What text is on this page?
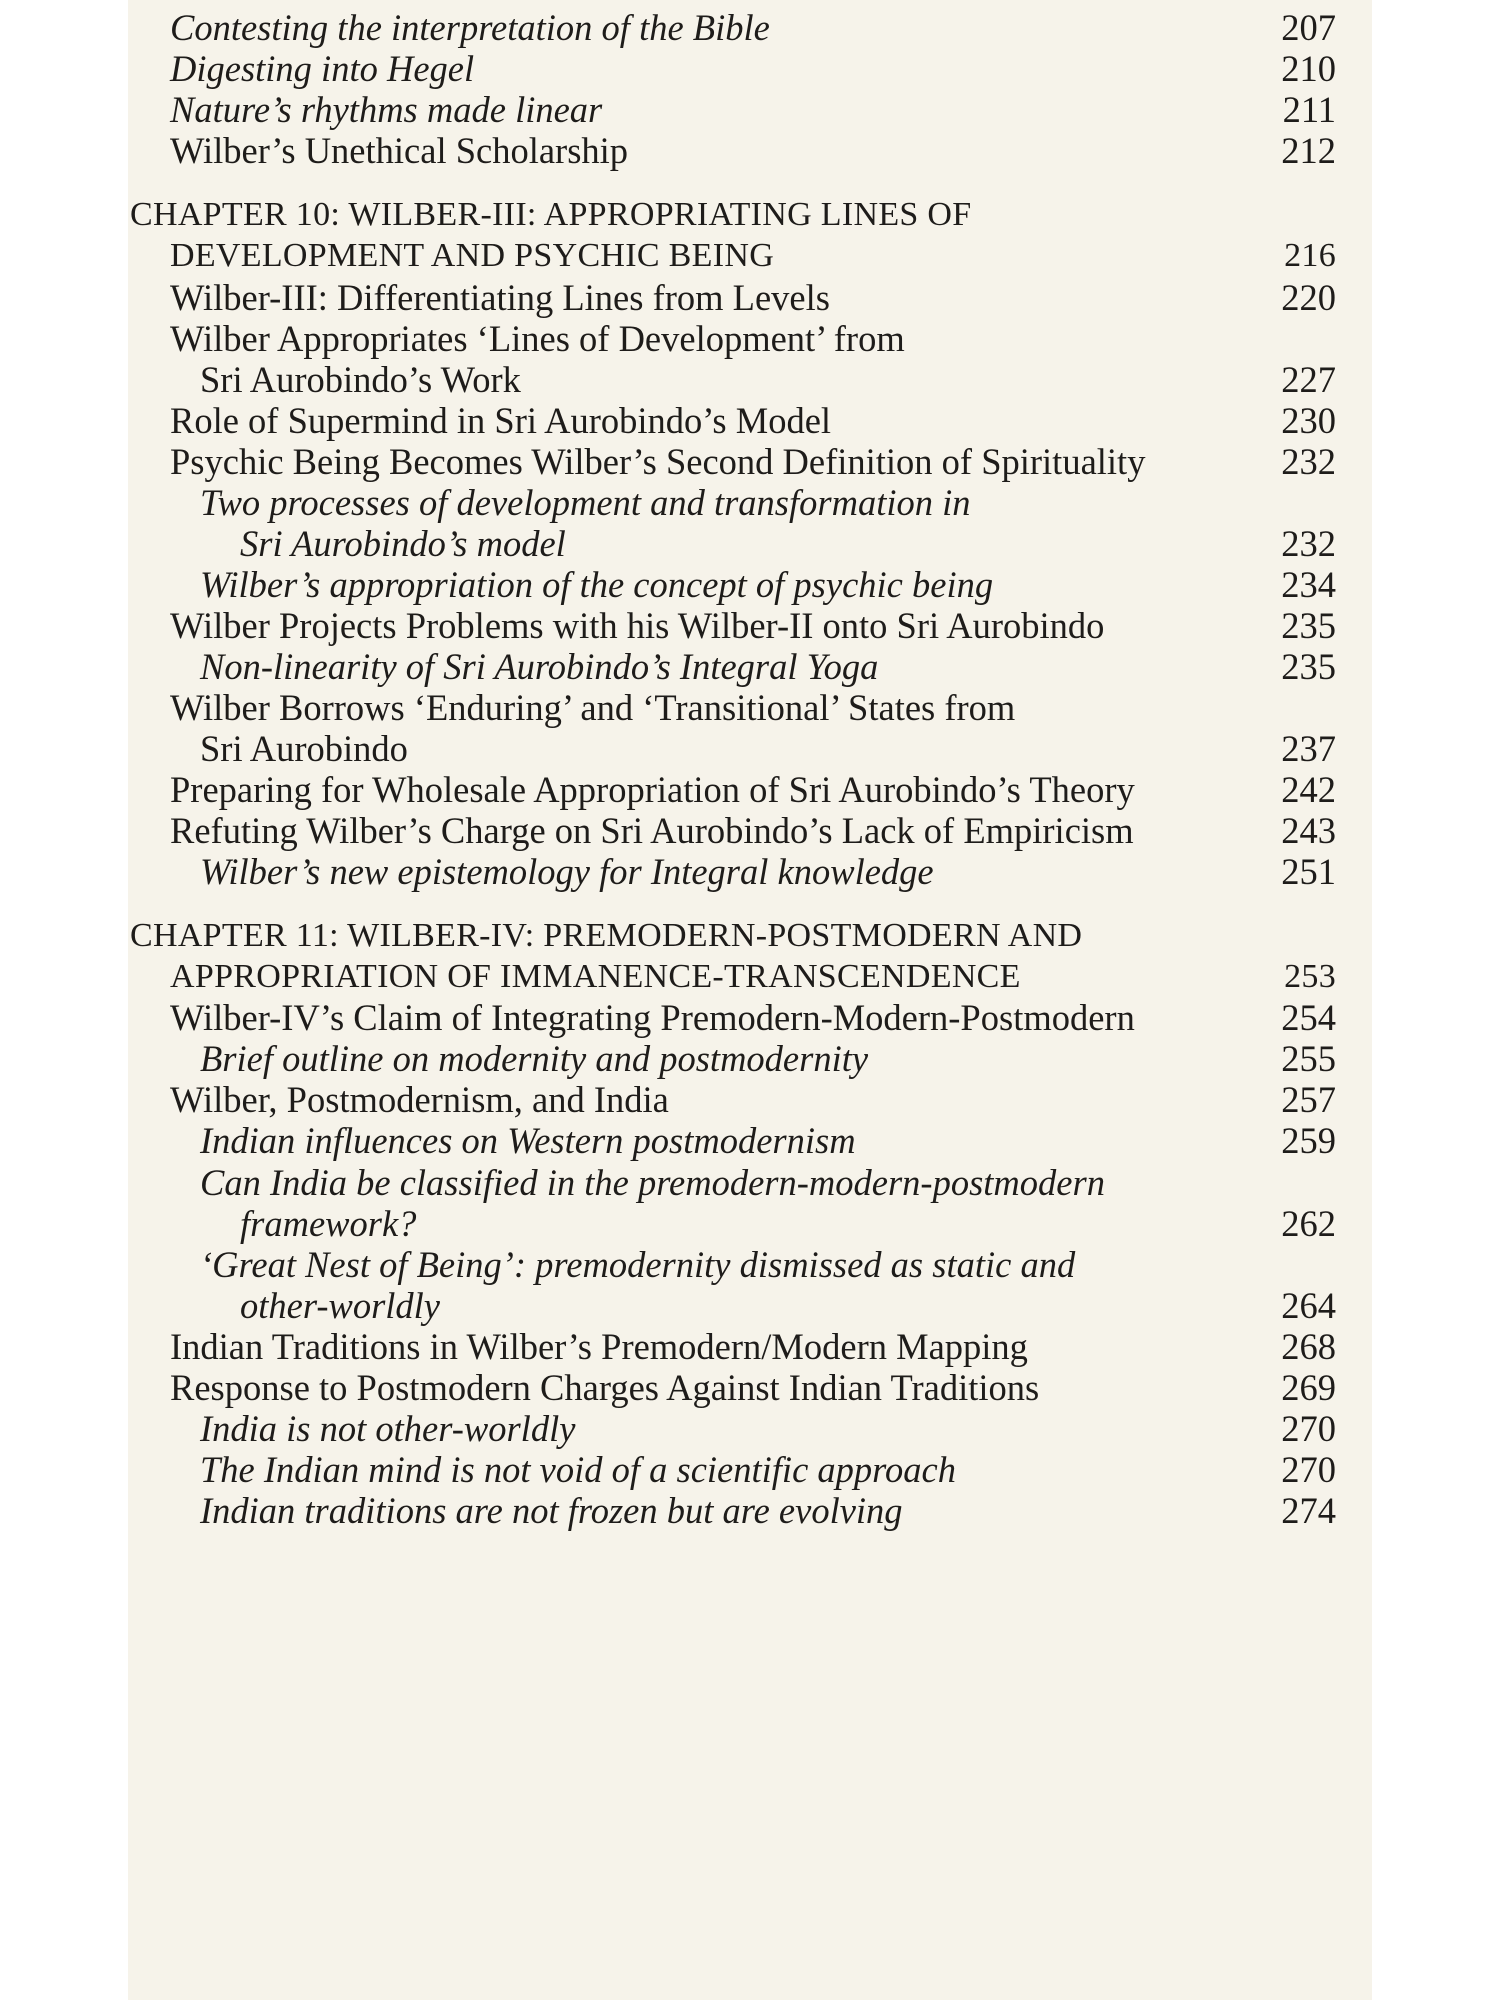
Contesting the interpretation of the Bible	207
Digesting into Hegel	210
Nature’s rhythms made linear	211
Wilber’s Unethical Scholarship	212
CHAPTER 10: WILBER-III: APPROPRIATING LINES OF
DEVELOPMENT AND PSYCHIC BEING	216
Wilber-III: Differentiating Lines from Levels	220
Wilber Appropriates ‘Lines of Development’ from
Sri Aurobindo’s Work	227
Role of Supermind in Sri Aurobindo’s Model	230
Psychic Being Becomes Wilber’s Second Definition of Spirituality	232
Two processes of development and transformation in
Sri Aurobindo’s model	232
Wilber’s appropriation of the concept of psychic being	234
Wilber Projects Problems with his Wilber-II onto Sri Aurobindo	235
Non-linearity of Sri Aurobindo’s Integral Yoga	235
Wilber Borrows ‘Enduring’ and ‘Transitional’ States from
Sri Aurobindo	237
Preparing for Wholesale Appropriation of Sri Aurobindo’s Theory	242
Refuting Wilber’s Charge on Sri Aurobindo’s Lack of Empiricism	243
Wilber’s new epistemology for Integral knowledge	251
CHAPTER 11: WILBER-IV: PREMODERN-POSTMODERN AND
APPROPRIATION OF IMMANENCE-TRANSCENDENCE	253
Wilber-IV’s Claim of Integrating Premodern-Modern-Postmodern	254
Brief outline on modernity and postmodernity	255
Wilber, Postmodernism, and India	257
Indian influences on Western postmodernism	259
Can India be classified in the premodern-modern-postmodern
framework?	262
‘Great Nest of Being’: premodernity dismissed as static and
other-worldly	264
Indian Traditions in Wilber’s Premodern/Modern Mapping	268
Response to Postmodern Charges Against Indian Traditions	269
India is not other-worldly	270
The Indian mind is not void of a scientific approach	270
Indian traditions are not frozen but are evolving	274
